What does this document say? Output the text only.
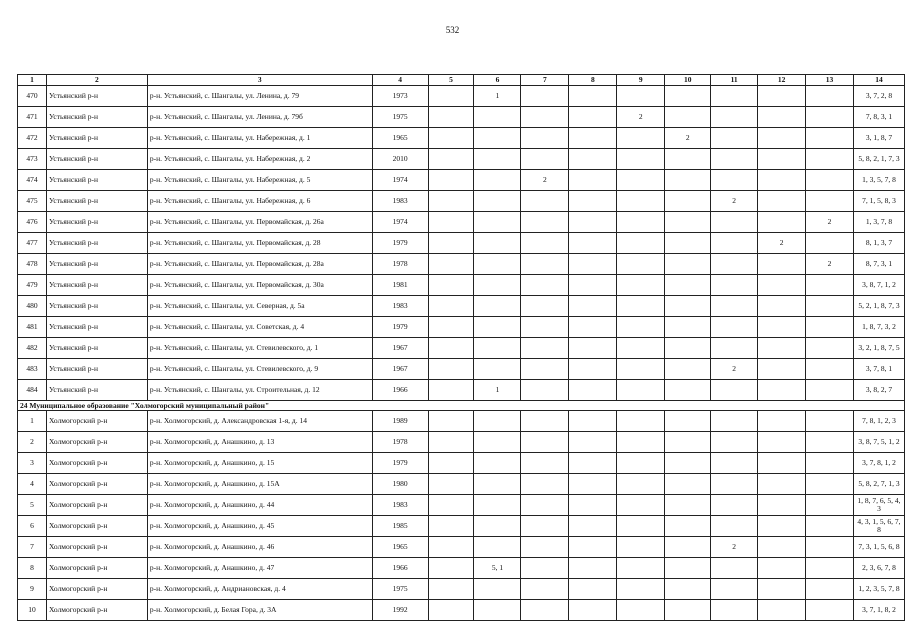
532
1	2	3	4	5	6	7	8	9	10	11	12	13	14
470	Устьянский р-н	р-н. Устьянский, с. Шангалы, ул. Ленина, д. 79	1973		1								3, 7, 2, 8
471	Устьянский р-н	р-н. Устьянский, с. Шангалы, ул. Ленина, д. 79б	1975					2					7, 8, 3, 1
472	Устьянский р-н	р-н. Устьянский, с. Шангалы, ул. Набережная, д. 1	1965						2				3, 1, 8, 7
473	Устьянский р-н	р-н. Устьянский, с. Шангалы, ул. Набережная, д. 2	2010										5, 8, 2, 1, 7, 3
474	Устьянский р-н	р-н. Устьянский, с. Шангалы, ул. Набережная, д. 5	1974			2							1, 3, 5, 7, 8
475	Устьянский р-н	р-н. Устьянский, с. Шангалы, ул. Набережная, д. 6	1983							2			7, 1, 5, 8, 3
476	Устьянский р-н	р-н. Устьянский, с. Шангалы, ул. Первомайская, д. 26а	1974									2	1, 3, 7, 8
477	Устьянский р-н	р-н. Устьянский, с. Шангалы, ул. Первомайская, д. 28	1979								2		8, 1, 3, 7
478	Устьянский р-н	р-н. Устьянский, с. Шангалы, ул. Первомайская, д. 28а	1978									2	8, 7, 3, 1
479	Устьянский р-н	р-н. Устьянский, с. Шангалы, ул. Первомайская, д. 30а	1981										3, 8, 7, 1, 2
480	Устьянский р-н	р-н. Устьянский, с. Шангалы, ул. Северная, д. 5а	1983										5, 2, 1, 8, 7, 3
481	Устьянский р-н	р-н. Устьянский, с. Шангалы, ул. Советская, д. 4	1979										1, 8, 7, 3, 2
482	Устьянский р-н	р-н. Устьянский, с. Шангалы, ул. Стевилевского, д. 1	1967										3, 2, 1, 8, 7, 5
483	Устьянский р-н	р-н. Устьянский, с. Шангалы, ул. Стевилевского, д. 9	1967							2			3, 7, 8, 1
484	Устьянский р-н	р-н. Устьянский, с. Шангалы, ул. Строительная, д. 12	1966		1								3, 8, 2, 7
24 Муниципальное образование "Холмогорский муниципальный район"													
1	Холмогорский р-н	р-н. Холмогорский, д. Александровская 1-я, д. 14	1989										7, 8, 1, 2, 3
2	Холмогорский р-н	р-н. Холмогорский, д. Анашкино, д. 13	1978										3, 8, 7, 5, 1, 2
3	Холмогорский р-н	р-н. Холмогорский, д. Анашкино, д. 15	1979										3, 7, 8, 1, 2
4	Холмогорский р-н	р-н. Холмогорский, д. Анашкино, д. 15А	1980										5, 8, 2, 7, 1, 3
5	Холмогорский р-н	р-н. Холмогорский, д. Анашкино, д. 44	1983										1, 8, 7, 6, 5, 4, 3
6	Холмогорский р-н	р-н. Холмогорский, д. Анашкино, д. 45	1985										4, 3, 1, 5, 6, 7, 8
7	Холмогорский р-н	р-н. Холмогорский, д. Анашкино, д. 46	1965							2			7, 3, 1, 5, 6, 8
8	Холмогорский р-н	р-н. Холмогорский, д. Анашкино, д. 47	1966		5, 1								2, 3, 6, 7, 8
9	Холмогорский р-н	р-н. Холмогорский, д. Андриановская, д. 4	1975										1, 2, 3, 5, 7, 8
10	Холмогорский р-н	р-н. Холмогорский, д. Белая Гора, д. 3А	1992										3, 7, 1, 8, 2
